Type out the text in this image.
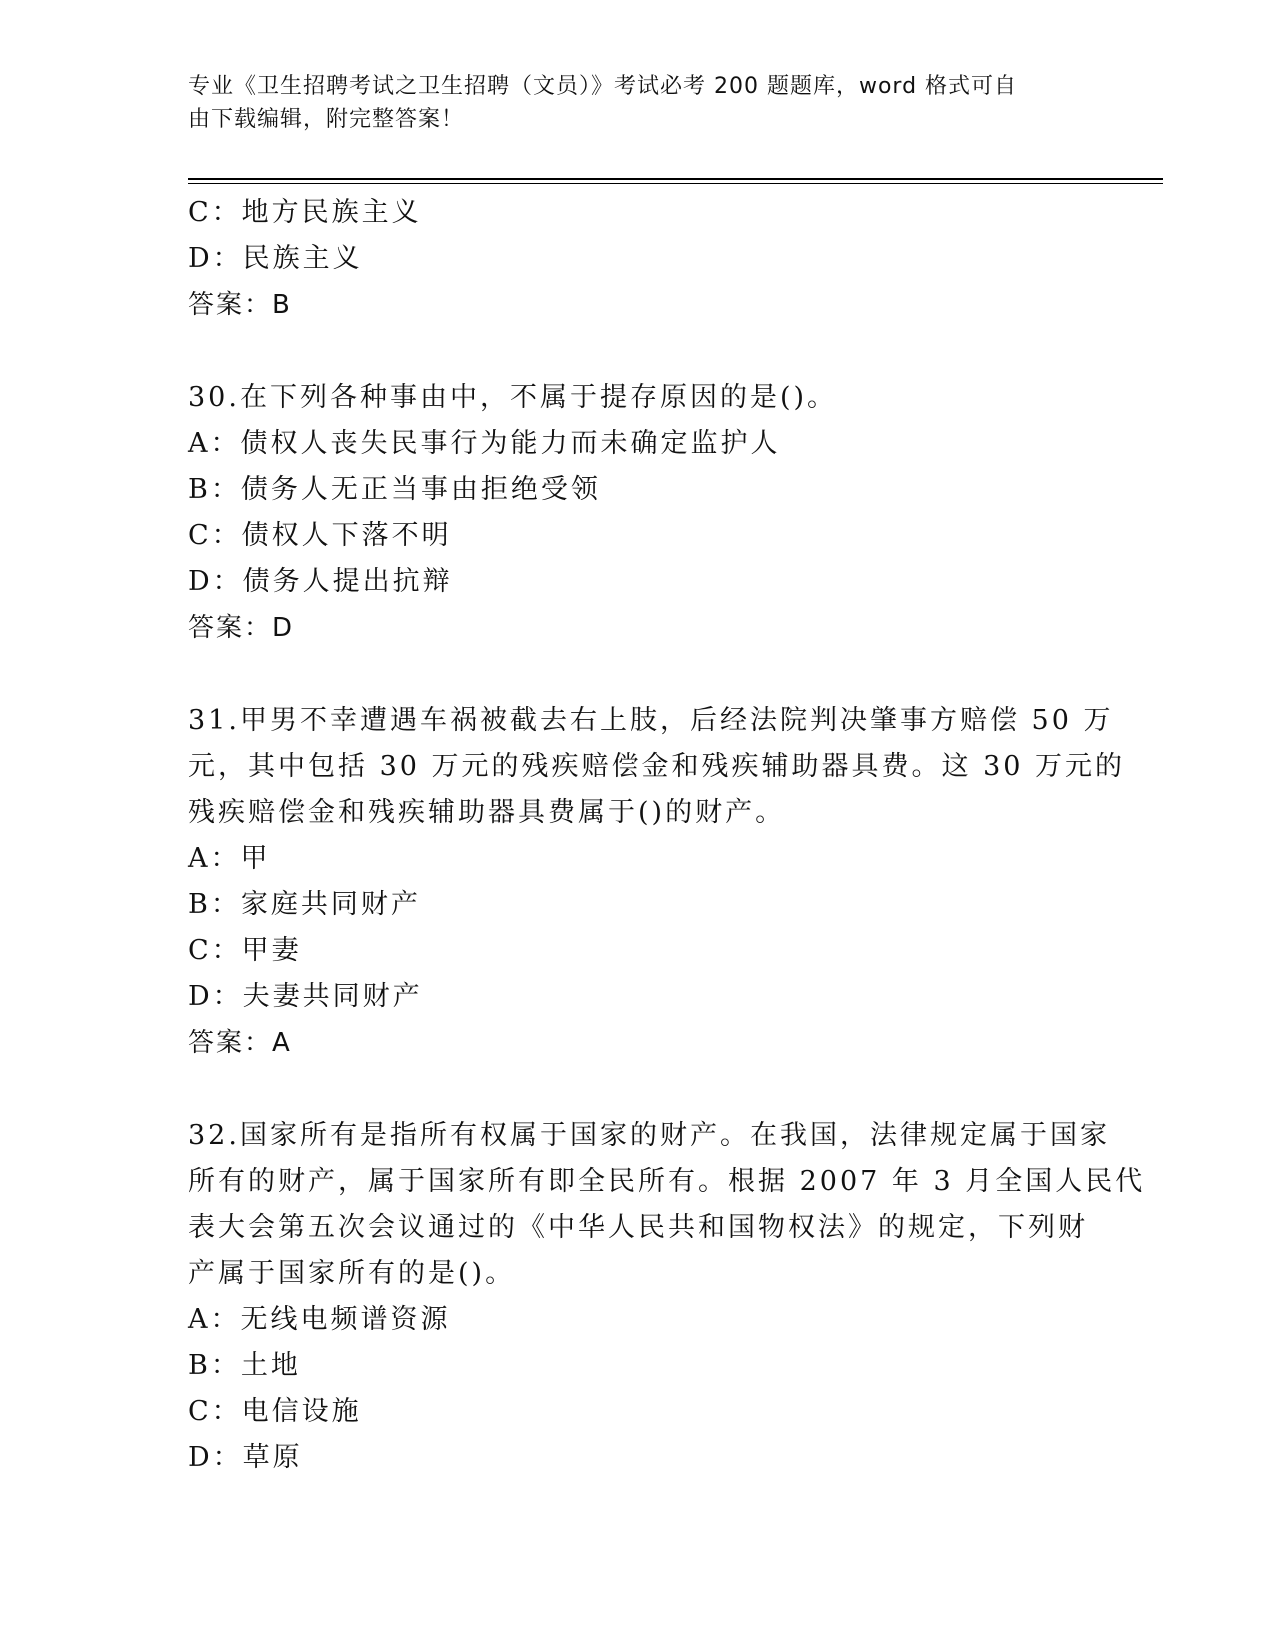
专业《卫生招聘考试之卫生招聘（文员）》考试必考 200 题题库，word 格式可自
由下载编辑，附完整答案！
C：地方民族主义
D：民族主义
答案：B
30.在下列各种事由中，不属于提存原因的是()。
A：债权人丧失民事行为能力而未确定监护人
B：债务人无正当事由拒绝受领
C：债权人下落不明
D：债务人提出抗辩
答案：D
31.甲男不幸遭遇车祸被截去右上肢，后经法院判决肇事方赔偿 50 万
元，其中包括 30 万元的残疾赔偿金和残疾辅助器具费。这 30 万元的
残疾赔偿金和残疾辅助器具费属于()的财产。
A：甲
B：家庭共同财产
C：甲妻
D：夫妻共同财产
答案：A
32.国家所有是指所有权属于国家的财产。在我国，法律规定属于国家
所有的财产，属于国家所有即全民所有。根据 2007 年 3 月全国人民代
表大会第五次会议通过的《中华人民共和国物权法》的规定，下列财
产属于国家所有的是()。
A：无线电频谱资源
B：土地
C：电信设施
D：草原
